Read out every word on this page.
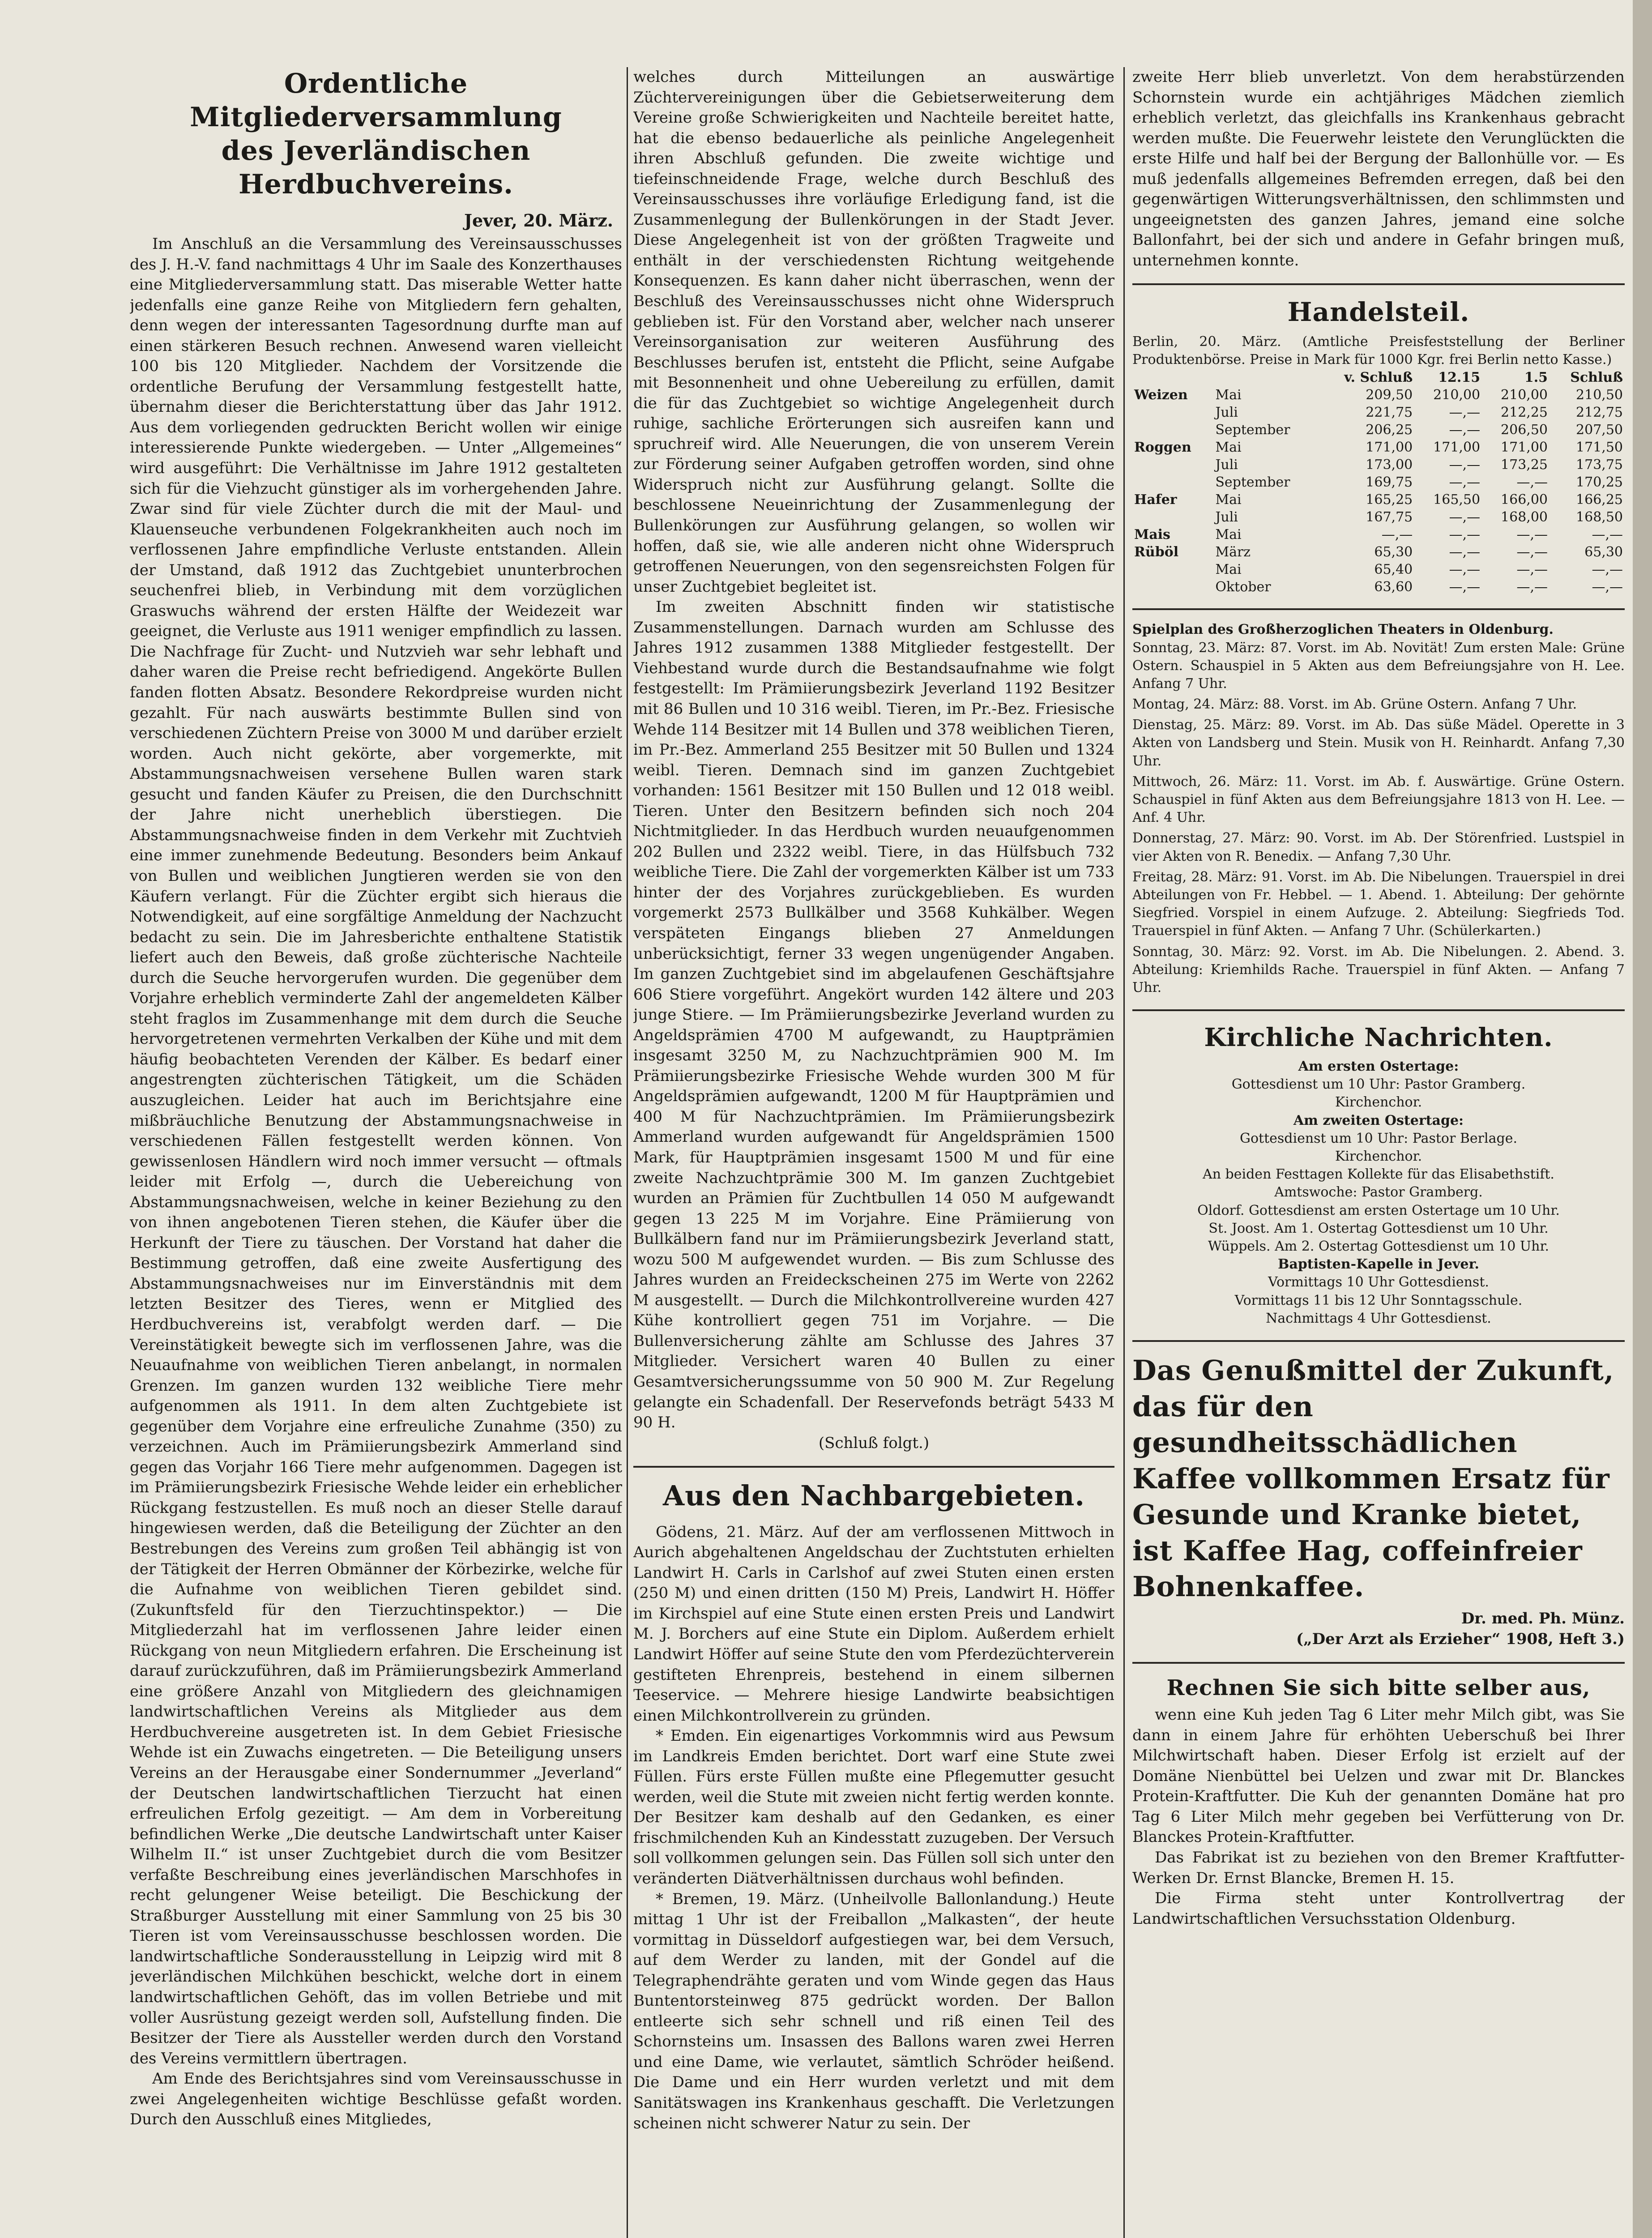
Ordentliche Mitgliederversammlung
des Jeverländischen Herdbuchvereins.
Jever, 20. März.

Im Anschluß an die Versammlung des Vereinsausschusses des J. H.-V. fand nachmittags 4 Uhr im Saale des Konzerthauses eine Mitgliederversammlung statt. Das miserable Wetter hatte jedenfalls eine ganze Reihe von Mitgliedern fern gehalten, denn wegen der interessanten Tagesordnung durfte man auf einen stärkeren Besuch rechnen. Anwesend waren vielleicht 100 bis 120 Mitglieder. Nachdem der Vorsitzende die ordentliche Berufung der Versammlung festgestellt hatte, übernahm dieser die Berichterstattung über das Jahr 1912. Aus dem vorliegenden gedruckten Bericht wollen wir einige interessierende Punkte wiedergeben. — Unter „Allgemeines“ wird ausgeführt: Die Verhältnisse im Jahre 1912 gestalteten sich für die Viehzucht günstiger als im vorhergehenden Jahre. Zwar sind für viele Züchter durch die mit der Maul- und Klauenseuche verbundenen Folgekrankheiten auch noch im verflossenen Jahre empfindliche Verluste entstanden. Allein der Umstand, daß 1912 das Zuchtgebiet ununterbrochen seuchenfrei blieb, in Verbindung mit dem vorzüglichen Graswuchs während der ersten Hälfte der Weidezeit war geeignet, die Verluste aus 1911 weniger empfindlich zu lassen. Die Nachfrage für Zucht- und Nutzvieh war sehr lebhaft und daher waren die Preise recht befriedigend. Angekörte Bullen fanden flotten Absatz. Besondere Rekordpreise wurden nicht gezahlt. Für nach auswärts bestimmte Bullen sind von verschiedenen Züchtern Preise von 3000 M und darüber erzielt worden. Auch nicht gekörte, aber vorgemerkte, mit Abstammungsnachweisen versehene Bullen waren stark gesucht und fanden Käufer zu Preisen, die den Durchschnitt der Jahre nicht unerheblich überstiegen. Die Abstammungsnachweise finden in dem Verkehr mit Zuchtvieh eine immer zunehmende Bedeutung. Besonders beim Ankauf von Bullen und weiblichen Jungtieren werden sie von den Käufern verlangt. Für die Züchter ergibt sich hieraus die Notwendigkeit, auf eine sorgfältige Anmeldung der Nachzucht bedacht zu sein. Die im Jahresberichte enthaltene Statistik liefert auch den Beweis, daß große züchterische Nachteile durch die Seuche hervorgerufen wurden. Die gegenüber dem Vorjahre erheblich verminderte Zahl der angemeldeten Kälber steht fraglos im Zusammenhange mit dem durch die Seuche hervorgetretenen vermehrten Verkalben der Kühe und mit dem häufig beobachteten Verenden der Kälber. Es bedarf einer angestrengten züchterischen Tätigkeit, um die Schäden auszugleichen. Leider hat auch im Berichtsjahre eine mißbräuchliche Benutzung der Abstammungsnachweise in verschiedenen Fällen festgestellt werden können. Von gewissenlosen Händlern wird noch immer versucht — oftmals leider mit Erfolg —, durch die Uebereichung von Abstammungsnachweisen, welche in keiner Beziehung zu den von ihnen angebotenen Tieren stehen, die Käufer über die Herkunft der Tiere zu täuschen. Der Vorstand hat daher die Bestimmung getroffen, daß eine zweite Ausfertigung des Abstammungsnachweises nur im Einverständnis mit dem letzten Besitzer des Tieres, wenn er Mitglied des Herdbuchvereins ist, verabfolgt werden darf. — Die Vereinstätigkeit bewegte sich im verflossenen Jahre, was die Neuaufnahme von weiblichen Tieren anbelangt, in normalen Grenzen. Im ganzen wurden 132 weibliche Tiere mehr aufgenommen als 1911. In dem alten Zuchtgebiete ist gegenüber dem Vorjahre eine erfreuliche Zunahme (350) zu verzeichnen. Auch im Prämiierungsbezirk Ammerland sind gegen das Vorjahr 166 Tiere mehr aufgenommen. Dagegen ist im Prämiierungsbezirk Friesische Wehde leider ein erheblicher Rückgang festzustellen. Es muß noch an dieser Stelle darauf hingewiesen werden, daß die Beteiligung der Züchter an den Bestrebungen des Vereins zum großen Teil abhängig ist von der Tätigkeit der Herren Obmänner der Körbezirke, welche für die Aufnahme von weiblichen Tieren gebildet sind. (Zukunftsfeld für den Tierzuchtinspektor.) — Die Mitgliederzahl hat im verflossenen Jahre leider einen Rückgang von neun Mitgliedern erfahren. Die Erscheinung ist darauf zurückzuführen, daß im Prämiierungsbezirk Ammerland eine größere Anzahl von Mitgliedern des gleichnamigen landwirtschaftlichen Vereins als Mitglieder aus dem Herdbuchvereine ausgetreten ist. In dem Gebiet Friesische Wehde ist ein Zuwachs eingetreten. — Die Beteiligung unsers Vereins an der Herausgabe einer Sondernummer „Jeverland“ der Deutschen landwirtschaftlichen Tierzucht hat einen erfreulichen Erfolg gezeitigt. — Am dem in Vorbereitung befindlichen Werke „Die deutsche Landwirtschaft unter Kaiser Wilhelm II.“ ist unser Zuchtgebiet durch die vom Besitzer verfaßte Beschreibung eines jeverländischen Marschhofes in recht gelungener Weise beteiligt. Die Beschickung der Straßburger Ausstellung mit einer Sammlung von 25 bis 30 Tieren ist vom Vereinsausschusse beschlossen worden. Die landwirtschaftliche Sonderausstellung in Leipzig wird mit 8 jeverländischen Milchkühen beschickt, welche dort in einem landwirtschaftlichen Gehöft, das im vollen Betriebe und mit voller Ausrüstung gezeigt werden soll, Aufstellung finden. Die Besitzer der Tiere als Aussteller werden durch den Vorstand des Vereins vermittlern übertragen.

Am Ende des Berichtsjahres sind vom Vereinsausschusse in zwei Angelegenheiten wichtige Beschlüsse gefaßt worden. Durch den Ausschluß eines Mitgliedes,

welches durch Mitteilungen an auswärtige Züchtervereinigungen über die Gebietserweiterung dem Vereine große Schwierigkeiten und Nachteile bereitet hatte, hat die ebenso bedauerliche als peinliche Angelegenheit ihren Abschluß gefunden. Die zweite wichtige und tiefeinschneidende Frage, welche durch Beschluß des Vereinsausschusses ihre vorläufige Erledigung fand, ist die Zusammenlegung der Bullenkörungen in der Stadt Jever. Diese Angelegenheit ist von der größten Tragweite und enthält in der verschiedensten Richtung weitgehende Konsequenzen. Es kann daher nicht überraschen, wenn der Beschluß des Vereinsausschusses nicht ohne Widerspruch geblieben ist. Für den Vorstand aber, welcher nach unserer Vereinsorganisation zur weiteren Ausführung des Beschlusses berufen ist, entsteht die Pflicht, seine Aufgabe mit Besonnenheit und ohne Uebereilung zu erfüllen, damit die für das Zuchtgebiet so wichtige Angelegenheit durch ruhige, sachliche Erörterungen sich ausreifen kann und spruchreif wird. Alle Neuerungen, die von unserem Verein zur Förderung seiner Aufgaben getroffen worden, sind ohne Widerspruch nicht zur Ausführung gelangt. Sollte die beschlossene Neueinrichtung der Zusammenlegung der Bullenkörungen zur Ausführung gelangen, so wollen wir hoffen, daß sie, wie alle anderen nicht ohne Widerspruch getroffenen Neuerungen, von den segensreichsten Folgen für unser Zuchtgebiet begleitet ist.

Im zweiten Abschnitt finden wir statistische Zusammenstellungen. Darnach wurden am Schlusse des Jahres 1912 zusammen 1388 Mitglieder festgestellt. Der Viehbestand wurde durch die Bestandsaufnahme wie folgt festgestellt: Im Prämiierungsbezirk Jeverland 1192 Besitzer mit 86 Bullen und 10 316 weibl. Tieren, im Pr.-Bez. Friesische Wehde 114 Besitzer mit 14 Bullen und 378 weiblichen Tieren, im Pr.-Bez. Ammerland 255 Besitzer mit 50 Bullen und 1324 weibl. Tieren. Demnach sind im ganzen Zuchtgebiet vorhanden: 1561 Besitzer mit 150 Bullen und 12 018 weibl. Tieren. Unter den Besitzern befinden sich noch 204 Nichtmitglieder. In das Herdbuch wurden neuaufgenommen 202 Bullen und 2322 weibl. Tiere, in das Hülfsbuch 732 weibliche Tiere. Die Zahl der vorgemerkten Kälber ist um 733 hinter der des Vorjahres zurückgeblieben. Es wurden vorgemerkt 2573 Bullkälber und 3568 Kuhkälber. Wegen verspäteten Eingangs blieben 27 Anmeldungen unberücksichtigt, ferner 33 wegen ungenügender Angaben. Im ganzen Zuchtgebiet sind im abgelaufenen Geschäftsjahre 606 Stiere vorgeführt. Angekört wurden 142 ältere und 203 junge Stiere. — Im Prämiierungsbezirke Jeverland wurden zu Angeldsprämien 4700 M aufgewandt, zu Hauptprämien insgesamt 3250 M, zu Nachzuchtprämien 900 M. Im Prämiierungsbezirke Friesische Wehde wurden 300 M für Angeldsprämien aufgewandt, 1200 M für Hauptprämien und 400 M für Nachzuchtprämien. Im Prämiierungsbezirk Ammerland wurden aufgewandt für Angeldsprämien 1500 Mark, für Hauptprämien insgesamt 1500 M und für eine zweite Nachzuchtprämie 300 M. Im ganzen Zuchtgebiet wurden an Prämien für Zuchtbullen 14 050 M aufgewandt gegen 13 225 M im Vorjahre. Eine Prämiierung von Bullkälbern fand nur im Prämiierungsbezirk Jeverland statt, wozu 500 M aufgewendet wurden. — Bis zum Schlusse des Jahres wurden an Freideckscheinen 275 im Werte von 2262 M ausgestellt. — Durch die Milchkontrollvereine wurden 427 Kühe kontrolliert gegen 751 im Vorjahre. — Die Bullenversicherung zählte am Schlusse des Jahres 37 Mitglieder. Versichert waren 40 Bullen zu einer Gesamtversicherungssumme von 50 900 M. Zur Regelung gelangte ein Schadenfall. Der Reservefonds beträgt 5433 M 90 H.

(Schluß folgt.)

Aus den Nachbargebieten.

Gödens, 21. März. Auf der am verflossenen Mittwoch in Aurich abgehaltenen Angeldschau der Zuchtstuten erhielten Landwirt H. Carls in Carlshof auf zwei Stuten einen ersten (250 M) und einen dritten (150 M) Preis, Landwirt H. Höffer im Kirchspiel auf eine Stute einen ersten Preis und Landwirt M. J. Borchers auf eine Stute ein Diplom. Außerdem erhielt Landwirt Höffer auf seine Stute den vom Pferdezüchterverein gestifteten Ehrenpreis, bestehend in einem silbernen Teeservice. — Mehrere hiesige Landwirte beabsichtigen einen Milchkontrollverein zu gründen.

* Emden. Ein eigenartiges Vorkommnis wird aus Pewsum im Landkreis Emden berichtet. Dort warf eine Stute zwei Füllen. Fürs erste Füllen mußte eine Pflegemutter gesucht werden, weil die Stute mit zweien nicht fertig werden konnte. Der Besitzer kam deshalb auf den Gedanken, es einer frischmilchenden Kuh an Kindesstatt zuzugeben. Der Versuch soll vollkommen gelungen sein. Das Füllen soll sich unter den veränderten Diätverhältnissen durchaus wohl befinden.

* Bremen, 19. März. (Unheilvolle Ballonlandung.) Heute mittag 1 Uhr ist der Freiballon „Malkasten“, der heute vormittag in Düsseldorf aufgestiegen war, bei dem Versuch, auf dem Werder zu landen, mit der Gondel auf die Telegraphendrähte geraten und vom Winde gegen das Haus Buntentorsteinweg 875 gedrückt worden. Der Ballon entleerte sich sehr schnell und riß einen Teil des Schornsteins um. Insassen des Ballons waren zwei Herren und eine Dame, wie verlautet, sämtlich Schröder heißend. Die Dame und ein Herr wurden verletzt und mit dem Sanitätswagen ins Krankenhaus geschafft. Die Verletzungen scheinen nicht schwerer Natur zu sein. Der

zweite Herr blieb unverletzt. Von dem herabstürzenden Schornstein wurde ein achtjähriges Mädchen ziemlich erheblich verletzt, das gleichfalls ins Krankenhaus gebracht werden mußte. Die Feuerwehr leistete den Verunglückten die erste Hilfe und half bei der Bergung der Ballonhülle vor. — Es muß jedenfalls allgemeines Befremden erregen, daß bei den gegenwärtigen Witterungsverhältnissen, den schlimmsten und ungeeignetsten des ganzen Jahres, jemand eine solche Ballonfahrt, bei der sich und andere in Gefahr bringen muß, unternehmen konnte.

Handelsteil.

Berlin, 20. März. (Amtliche Preisfeststellung der Berliner Produktenbörse. Preise in Mark für 1000 Kgr. frei Berlin netto Kasse.)

		v. Schluß	12.15	1.5	Schluß
Weizen	Mai	209,50	210,00	210,00	210,50
	Juli	221,75	—,—	212,25	212,75
	September	206,25	—,—	206,50	207,50
Roggen	Mai	171,00	171,00	171,00	171,50
	Juli	173,00	—,—	173,25	173,75
	September	169,75	—,—	—,—	170,25
Hafer	Mai	165,25	165,50	166,00	166,25
	Juli	167,75	—,—	168,00	168,50
Mais	Mai	—,—	—,—	—,—	—,—
Rüböl	März	65,30	—,—	—,—	65,30
	Mai	65,40	—,—	—,—	—,—
	Oktober	63,60	—,—	—,—	—,—

Spielplan des Großherzoglichen Theaters in Oldenburg.

Sonntag, 23. März: 87. Vorst. im Ab. Novität! Zum ersten Male: Grüne Ostern. Schauspiel in 5 Akten aus dem Befreiungsjahre von H. Lee. Anfang 7 Uhr.

Montag, 24. März: 88. Vorst. im Ab. Grüne Ostern. Anfang 7 Uhr.

Dienstag, 25. März: 89. Vorst. im Ab. Das süße Mädel. Operette in 3 Akten von Landsberg und Stein. Musik von H. Reinhardt. Anfang 7,30 Uhr.

Mittwoch, 26. März: 11. Vorst. im Ab. f. Auswärtige. Grüne Ostern. Schauspiel in fünf Akten aus dem Befreiungsjahre 1813 von H. Lee. — Anf. 4 Uhr.

Donnerstag, 27. März: 90. Vorst. im Ab. Der Störenfried. Lustspiel in vier Akten von R. Benedix. — Anfang 7,30 Uhr.

Freitag, 28. März: 91. Vorst. im Ab. Die Nibelungen. Trauerspiel in drei Abteilungen von Fr. Hebbel. — 1. Abend. 1. Abteilung: Der gehörnte Siegfried. Vorspiel in einem Aufzuge. 2. Abteilung: Siegfrieds Tod. Trauerspiel in fünf Akten. — Anfang 7 Uhr. (Schülerkarten.)

Sonntag, 30. März: 92. Vorst. im Ab. Die Nibelungen. 2. Abend. 3. Abteilung: Kriemhilds Rache. Trauerspiel in fünf Akten. — Anfang 7 Uhr.

Kirchliche Nachrichten.

Am ersten Ostertage:

Gottesdienst um 10 Uhr: Pastor Gramberg.

Kirchenchor.

Am zweiten Ostertage:

Gottesdienst um 10 Uhr: Pastor Berlage.

Kirchenchor.

An beiden Festtagen Kollekte für das Elisabethstift.

Amtswoche: Pastor Gramberg.

Oldorf. Gottesdienst am ersten Ostertage um 10 Uhr.

St. Joost. Am 1. Ostertag Gottesdienst um 10 Uhr.

Wüppels. Am 2. Ostertag Gottesdienst um 10 Uhr.

Baptisten-Kapelle in Jever.

Vormittags 10 Uhr Gottesdienst.

Vormittags 11 bis 12 Uhr Sonntagsschule.

Nachmittags 4 Uhr Gottesdienst.

Das Genußmittel der Zukunft, das für den gesundheitsschädlichen Kaffee vollkommen Ersatz für Gesunde und Kranke bietet, ist Kaffee Hag, coffeinfreier Bohnenkaffee.

Dr. med. Ph. Münz.

(„Der Arzt als Erzieher“ 1908, Heft 3.)

Rechnen Sie sich bitte selber aus,

wenn eine Kuh jeden Tag 6 Liter mehr Milch gibt, was Sie dann in einem Jahre für erhöhten Ueberschuß bei Ihrer Milchwirtschaft haben. Dieser Erfolg ist erzielt auf der Domäne Nienbüttel bei Uelzen und zwar mit Dr. Blanckes Protein-Kraftfutter. Die Kuh der genannten Domäne hat pro Tag 6 Liter Milch mehr gegeben bei Verfütterung von Dr. Blanckes Protein-Kraftfutter.

Das Fabrikat ist zu beziehen von den Bremer Kraftfutter-Werken Dr. Ernst Blancke, Bremen H. 15.

Die Firma steht unter Kontrollvertrag der Landwirtschaftlichen Versuchsstation Oldenburg.
